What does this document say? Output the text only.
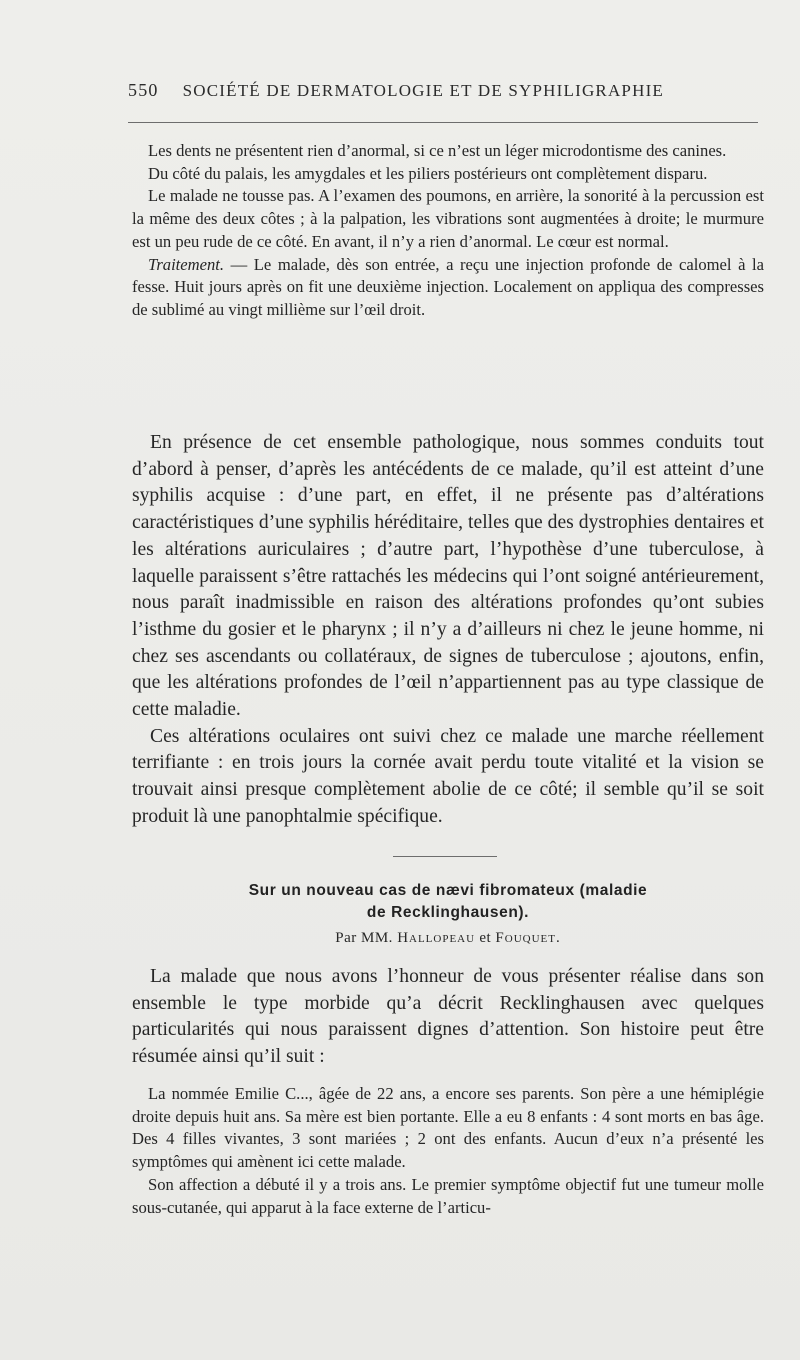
550 SOCIÉTÉ DE DERMATOLOGIE ET DE SYPHILIGRAPHIE

Les dents ne présentent rien d’anormal, si ce n’est un léger microdontisme des canines.

Du côté du palais, les amygdales et les piliers postérieurs ont complètement disparu.

Le malade ne tousse pas. A l’examen des poumons, en arrière, la sonorité à la percussion est la même des deux côtes ; à la palpation, les vibrations sont augmentées à droite; le murmure est un peu rude de ce côté. En avant, il n’y a rien d’anormal. Le cœur est normal.

Traitement. — Le malade, dès son entrée, a reçu une injection profonde de calomel à la fesse. Huit jours après on fit une deuxième injection. Localement on appliqua des compresses de sublimé au vingt millième sur l’œil droit.

En présence de cet ensemble pathologique, nous sommes conduits tout d’abord à penser, d’après les antécédents de ce malade, qu’il est atteint d’une syphilis acquise : d’une part, en effet, il ne présente pas d’altérations caractéristiques d’une syphilis héréditaire, telles que des dystrophies dentaires et les altérations auriculaires ; d’autre part, l’hypothèse d’une tuberculose, à laquelle paraissent s’être rattachés les médecins qui l’ont soigné antérieurement, nous paraît inadmissible en raison des altérations profondes qu’ont subies l’isthme du gosier et le pharynx ; il n’y a d’ailleurs ni chez le jeune homme, ni chez ses ascendants ou collatéraux, de signes de tuberculose ; ajoutons, enfin, que les altérations profondes de l’œil n’appartiennent pas au type classique de cette maladie.

Ces altérations oculaires ont suivi chez ce malade une marche réellement terrifiante : en trois jours la cornée avait perdu toute vitalité et la vision se trouvait ainsi presque complètement abolie de ce côté; il semble qu’il se soit produit là une panophtalmie spécifique.

Sur un nouveau cas de nævi fibromateux (maladie
de Recklinghausen).
Par MM. Hallopeau et Fouquet.

La malade que nous avons l’honneur de vous présenter réalise dans son ensemble le type morbide qu’a décrit Recklinghausen avec quelques particularités qui nous paraissent dignes d’attention. Son histoire peut être résumée ainsi qu’il suit :

La nommée Emilie C..., âgée de 22 ans, a encore ses parents. Son père a une hémiplégie droite depuis huit ans. Sa mère est bien portante. Elle a eu 8 enfants : 4 sont morts en bas âge. Des 4 filles vivantes, 3 sont mariées ; 2 ont des enfants. Aucun d’eux n’a présenté les symptômes qui amènent ici cette malade.

Son affection a débuté il y a trois ans. Le premier symptôme objectif fut une tumeur molle sous-cutanée, qui apparut à la face externe de l’articu-
